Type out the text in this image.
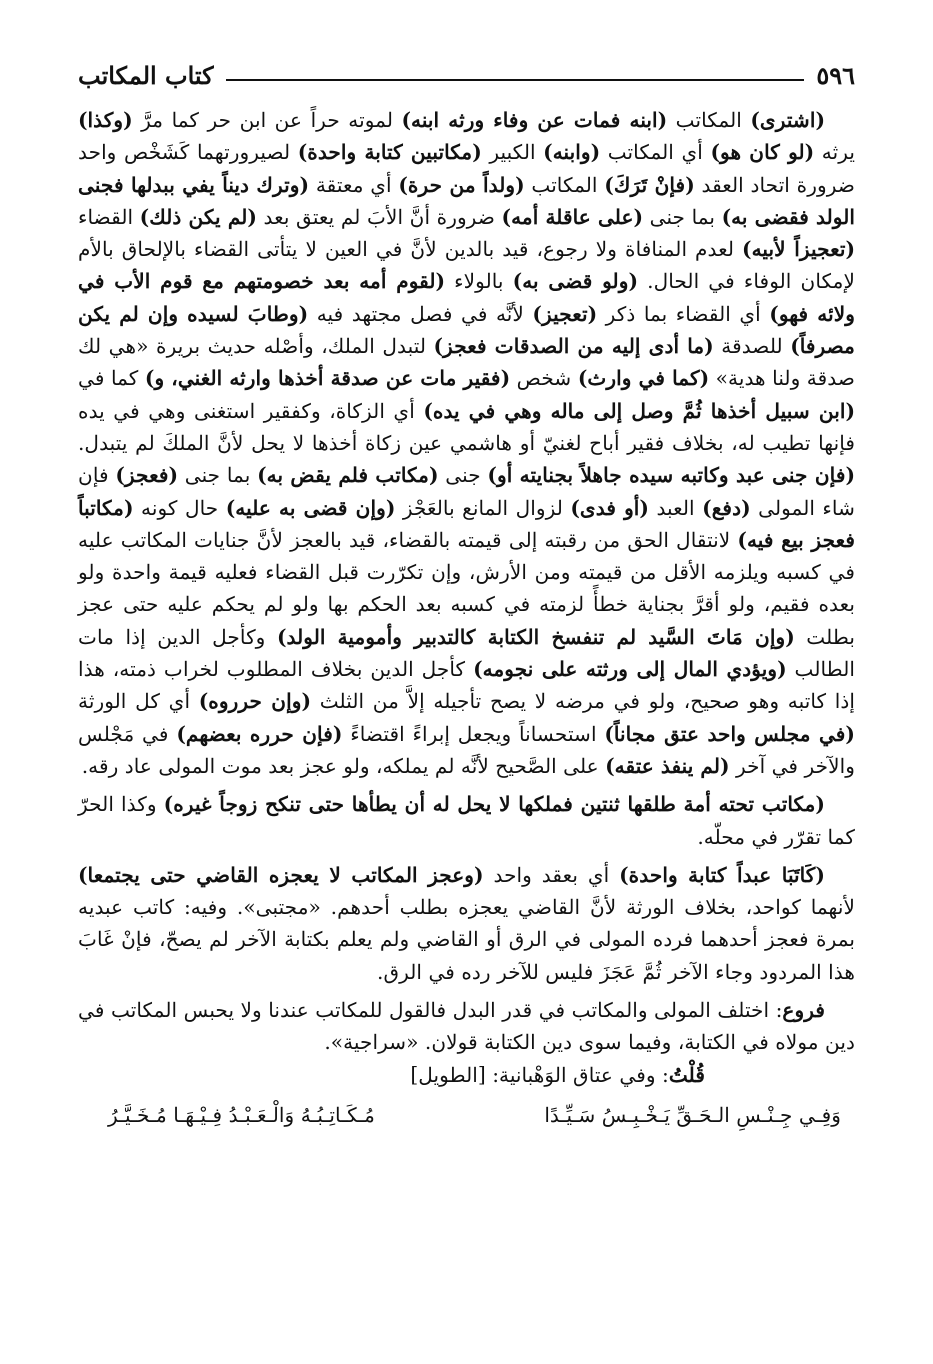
٥٩٦
كتاب المكاتب

(اشترى) المكاتب (ابنه فمات عن وفاء ورثه ابنه) لموته حراً عن ابن حر كما مرَّ (وكذا) يرثه (لو كان هو) أي المكاتب (وابنه) الكبير (مكاتبين كتابة واحدة) لصيرورتهما كَشَخْص واحد ضرورة اتحاد العقد (فإنْ تَرَكَ) المكاتب (ولداً من حرة) أي معتقة (وترك ديناً يفي ببدلها فجنى الولد فقضى به) بما جنى (على عاقلة أمه) ضرورة أنَّ الأبَ لم يعتق بعد (لم يكن ذلك) القضاء (تعجيزاً لأبيه) لعدم المنافاة ولا رجوع، قيد بالدين لأنَّ في العين لا يتأتى القضاء بالإلحاق بالأم لإمكان الوفاء في الحال. (ولو قضى به) بالولاء (لقوم أمه بعد خصومتهم مع قوم الأب في ولائه فهو) أي القضاء بما ذكر (تعجيز) لأنَّه في فصل مجتهد فيه (وطابَ لسيده وإن لم يكن مصرفاً) للصدقة (ما أدى إليه من الصدقات فعجز) لتبدل الملك، وأصْله حديث بريرة «هي لك صدقة ولنا هدية» (كما في وارث) شخص (فقير مات عن صدقة أخذها وارثه الغني، و) كما في (ابن سبيل أخذها ثُمَّ وصل إلى ماله وهي في يده) أي الزكاة، وكفقير استغنى وهي في يده فإنها تطيب له، بخلاف فقير أباح لغنيّ أو هاشمي عين زكاة أخذها لا يحل لأنَّ الملكَ لم يتبدل. (فإن جنى عبد وكاتبه سيده جاهلاً بجنايته أو) جنى (مكاتب فلم يقض به) بما جنى (فعجز) فإن شاء المولى (دفع) العبد (أو فدى) لزوال المانع بالعَجْز (وإن قضى به عليه) حال كونه (مكاتباً فعجز بيع فيه) لانتقال الحق من رقبته إلى قيمته بالقضاء، قيد بالعجز لأنَّ جنايات المكاتب عليه في كسبه ويلزمه الأقل من قيمته ومن الأرش، وإن تكرّرت قبل القضاء فعليه قيمة واحدة ولو بعده فقيم، ولو أقرَّ بجناية خطأً لزمته في كسبه بعد الحكم بها ولو لم يحكم عليه حتى عجز بطلت (وإن مَاتَ السَّيد لم تنفسخ الكتابة كالتدبير وأمومية الولد) وكأجل الدين إذا مات الطالب (ويؤدي المال إلى ورثته على نجومه) كأجل الدين بخلاف المطلوب لخراب ذمته، هذا إذا كاتبه وهو صحيح، ولو في مرضه لا يصح تأجيله إلاَّ من الثلث (وإن حرروه) أي كل الورثة (في مجلس واحد عتق مجاناً) استحساناً ويجعل إبراءً اقتضاءً (فإن حرره بعضهم) في مَجْلس والآخر في آخر (لم ينفذ عتقه) على الصَّحيح لأنَّه لم يملكه، ولو عجز بعد موت المولى عاد رقه.

(مكاتب تحته أمة طلقها ثنتين فملكها لا يحل له أن يطأها حتى تنكح زوجاً غيره) وكذا الحرّ كما تقرّر في محلّه.

(كَاتَبَا عبداً كتابة واحدة) أي بعقد واحد (وعجز المكاتب لا يعجزه القاضي حتى يجتمعا) لأنهما كواحد، بخلاف الورثة لأنَّ القاضي يعجزه بطلب أحدهم. «مجتبى». وفيه: كاتب عبديه بمرة فعجز أحدهما فرده المولى في الرق أو القاضي ولم يعلم بكتابة الآخر لم يصحّ، فإنْ غَابَ هذا المردود وجاء الآخر ثُمَّ عَجَزَ فليس للآخر رده في الرق.

فروع: اختلف المولى والمكاتب في قدر البدل فالقول للمكاتب عندنا ولا يحبس المكاتب في دين مولاه في الكتابة، وفيما سوى دين الكتابة قولان. «سراجية».

قُلْتُ: وفي عتاق الوَهْبانية: [الطويل]

وَفِـي جِـنْـسِ الـحَـقِّ يَـخْـبِـسُ سَـيِّـدًا
مُـكَـاتِـبُـهُ وَالْـعَـبْـدُ فِـيْـهَـا مُـخَـيَّـرُ
